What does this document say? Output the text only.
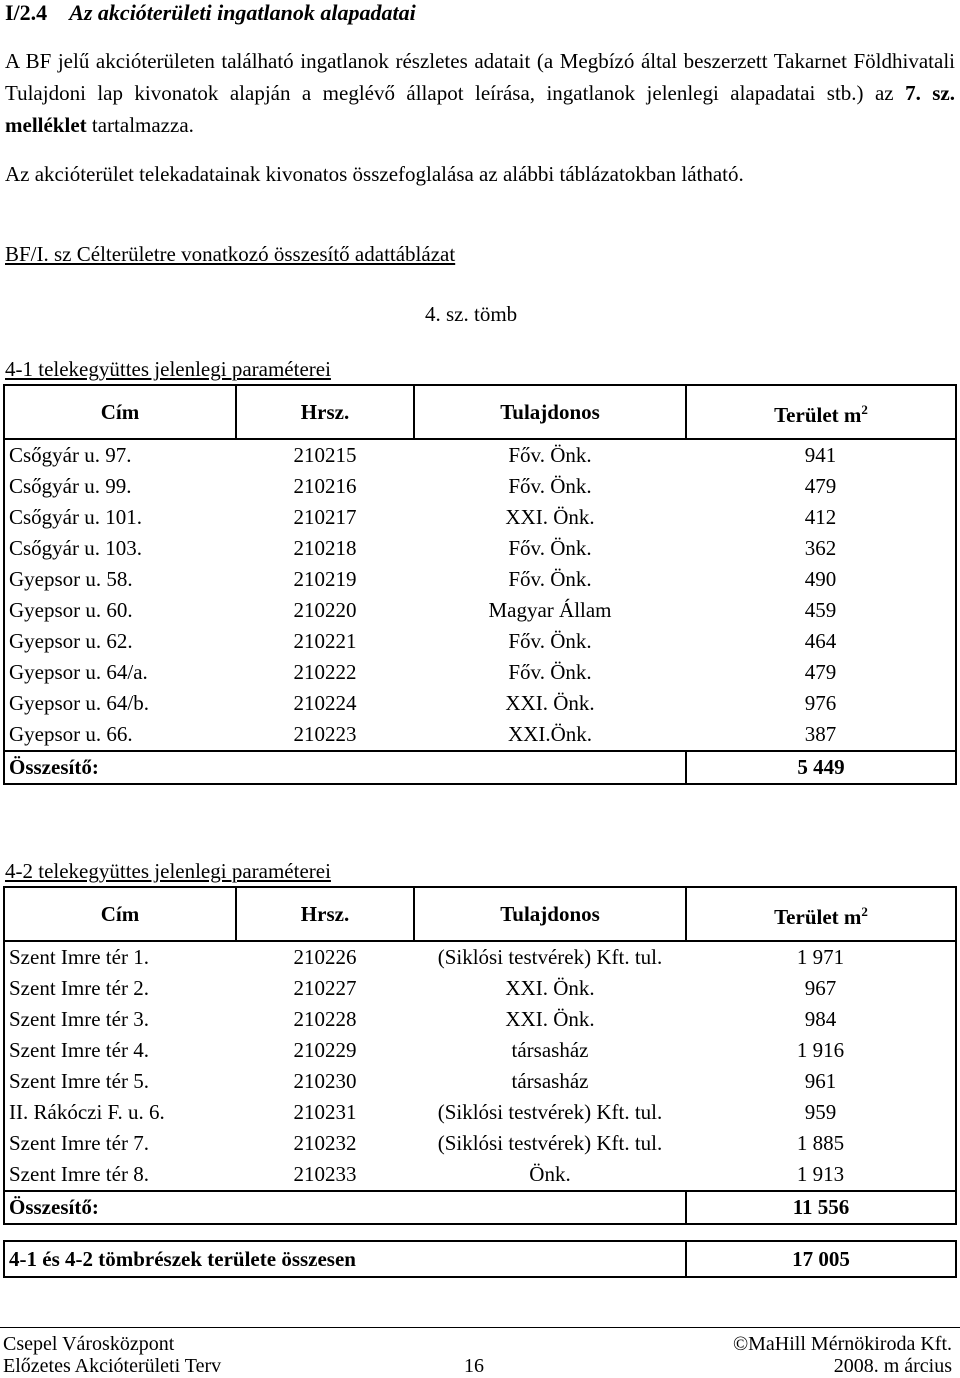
I/2.4 Az akcióterületi ingatlanok alapadatai
A BF jelű akcióterületen található ingatlanok részletes adatait (a Megbízó által beszerzett Takarnet Földhivatali Tulajdoni lap kivonatok alapján a meglévő állapot leírása, ingatlanok jelenlegi alapadatai stb.) az 7. sz. melléklet tartalmazza.
Az akcióterület telekadatainak kivonatos összefoglalása az alábbi táblázatokban látható.
BF/I. sz Célterületre vonatkozó összesítő adattáblázat
4. sz. tömb
4-1 telekegyüttes jelenlegi paraméterei
Cím	Hrsz.	Tulajdonos	Terület $m^2$
Csőgyár u. 97.	210215	Főv. Önk.	941
Csőgyár u. 99.	210216	Főv. Önk.	479
Csőgyár u. 101.	210217	XXI. Önk.	412
Csőgyár u. 103.	210218	Főv. Önk.	362
Gyepsor u. 58.	210219	Főv. Önk.	490
Gyepsor u. 60.	210220	Magyar Állam	459
Gyepsor u. 62.	210221	Főv. Önk.	464
Gyepsor u. 64/a.	210222	Főv. Önk.	479
Gyepsor u. 64/b.	210224	XXI. Önk.	976
Gyepsor u. 66.	210223	XXI.Önk.	387
Összesítő:			5 449
4-2 telekegyüttes jelenlegi paraméterei
Cím	Hrsz.	Tulajdonos	Terület $m^2$
Szent Imre tér 1.	210226	(Siklósi testvérek) Kft. tul.	1 971
Szent Imre tér 2.	210227	XXI. Önk.	967
Szent Imre tér 3.	210228	XXI. Önk.	984
Szent Imre tér 4.	210229	társasház	1 916
Szent Imre tér 5.	210230	társasház	961
II. Rákóczi F. u. 6.	210231	(Siklósi testvérek) Kft. tul.	959
Szent Imre tér 7.	210232	(Siklósi testvérek) Kft. tul.	1 885
Szent Imre tér 8.	210233	Önk.	1 913
Összesítő:			11 556
4-1 és 4-2 tömbrészek területe összesen	17 005
Csepel Városközpont
Előzetes Akcióterületi Terv	16
©MaHill Mérnökiroda Kft.
2008. m árcius
